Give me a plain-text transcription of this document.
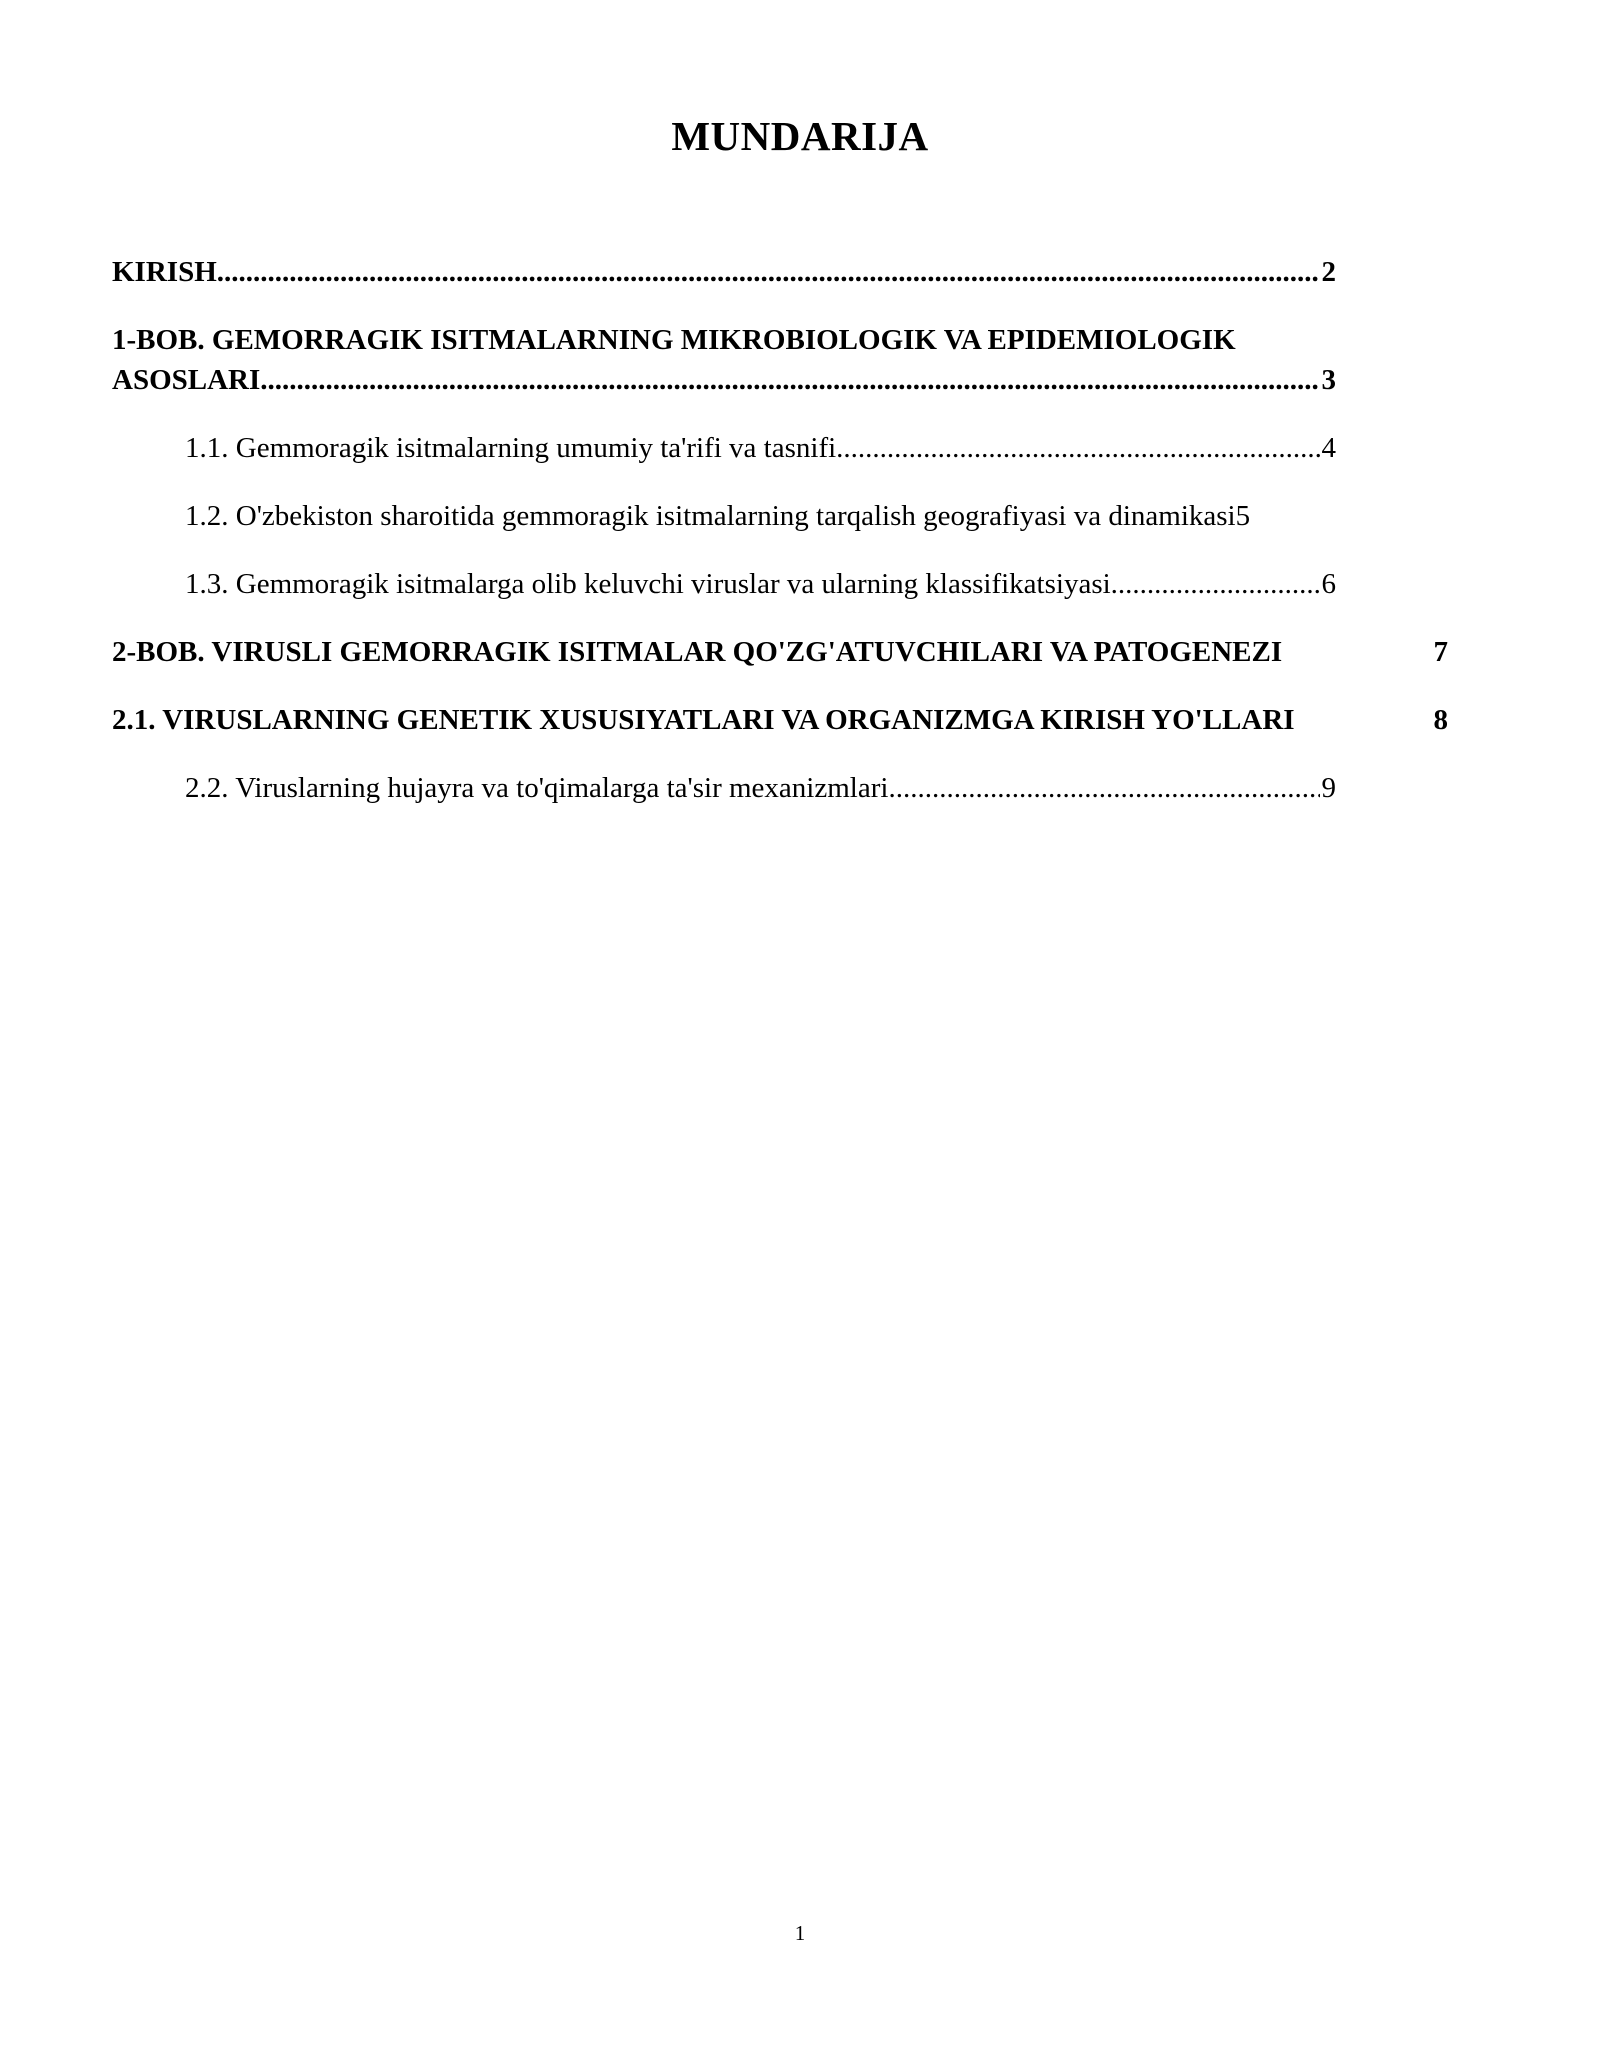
MUNDARIJA
KIRISH .....	2
1-BOB. GEMORRAGIK ISITMALARNING MIKROBIOLOGIK VA EPIDEMIOLOGIK
ASOSLARI .....	3
1.1. Gemmoragik isitmalarning umumiy ta'rifi va tasnifi .....	4
1.2. O'zbekiston sharoitida gemmoragik isitmalarning tarqalish geografiyasi va dinamikasi 5
1.3. Gemmoragik isitmalarga olib keluvchi viruslar va ularning klassifikatsiyasi .....	6
2-BOB. VIRUSLI GEMORRAGIK ISITMALAR QO'ZG'ATUVCHILARI VA PATOGENEZI	7
2.1. VIRUSLARNING GENETIK XUSUSIYATLARI VA ORGANIZMGA KIRISH YO'LLARI	8
2.2. Viruslarning hujayra va to'qimalarga ta'sir mexanizmlari .....	9
1
